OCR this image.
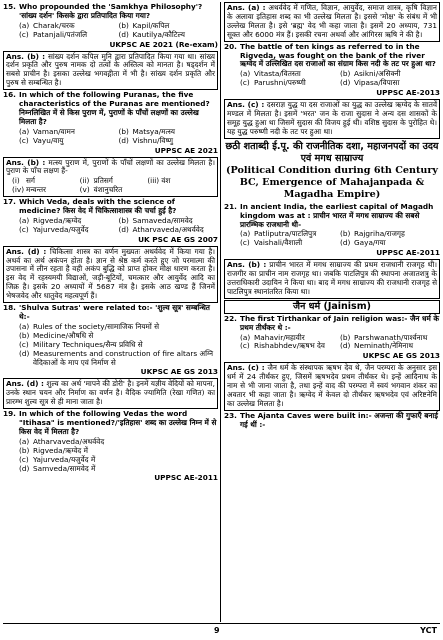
15. Who propounded the 'Samkhya Philosophy'? 'सांख्य दर्शन' किसके द्वारा प्रतिपादित किया गया?
(a) Charak/चरक	(b) Kapil/कपिल
(c) Patanjali/पतंजलि	(d) Kautilya/कौटिल्य
UKPSC AE 2021 (Re-exam)
Ans. (b) : सांख्य दर्शन कपिल मुनि द्वारा प्रतिपादित किया गया था। सांख्य दर्शन प्रकृति और पुरुष नामक दो तत्वों के अस्तित्व को मानता है। षड्दर्शन में सबसे प्राचीन है। इसका उल्लेख भगवद्गीता में भी है। सांख्य दर्शन प्रकृति और पुरुष से सम्बन्धित है।
16. In which of the following Puranas, the five characteristics of the Puranas are mentioned? निम्नलिखित में से किस पुराण में, पुराणों के पाँचों लक्षणों का उल्लेख मिलता है?
(a) Vaman/वामन	(b) Matsya/मत्स्य
(c) Vayu/वायु	(d) Vishnu/विष्णु
UPPSC AE 2021
Ans. (b) : मत्स्य पुराण में, पुराणों के पाँचों लक्षणों का उल्लेख मिलता है। पुराण के पाँच लक्षण हैं-
(i) सर्ग	(ii) प्रतिसर्ग	(iii) वंश
(iv) मन्वन्तर	(v) वंशानुचरित
17. Which Veda, deals with the science of medicine? किस वेद में चिकित्साशास्त्र की चर्चा हुई है?
(a) Rigveda/ऋग्वेद	(b) Samaveda/सामवेद
(c) Yajurveda/यजुर्वेद	(d) Atharvaveda/अथर्ववेद
UK PSC AE GS 2007
Ans. (d) : चिकित्सा शास्त्र का वर्णन मुख्यतः अथर्ववेद में किया गया है। अथर्व का अर्थ अकंपन होता है। ज्ञान से श्रेष्ठ कर्म करते हुए जो परमात्मा की उपासना में लीन रहता है वही अकंप बुद्धि को प्राप्त होकर मोक्ष धारण करता है। इस वेद में रहस्यमयी विद्याओं, जड़ी-बूटियों, चमत्कार और आयुर्वेद आदि का जिक्र है। इसके 20 अध्यायों में 5687 मंत्र है। इसके आठ खण्ड हैं जिनमें भेषजवेद और धातुवेद महत्वपूर्ण हैं।
18. 'Shulva Sutras' were related to:- 'शुल्व सूत्र' सम्बन्धित थे:-
(a) Rules of the society/सामाजिक नियमों से
(b) Medicine/औषधि से
(c) Military Techniques/सैन्य प्रविधि से
(d) Measurements and construction of fire altars अग्नि वेदिकाओं के माप एवं निर्माण से
UKPSC AE GS 2013
Ans. (d) : शुल्व का अर्थ 'मापने की डोरी' है। इनमें यज्ञीय वेदियों को मापना, उनके स्थान चयन और निर्माण का वर्णन है। वैदिक ज्यामिति (रेखा गणित) का प्रारम्भ शुल्व सूत्र से ही माना जाता है।
19. In which of the following Vedas the word "Itihasa" is mentioned?/'इतिहास' शब्द का उल्लेख निम्न में से किस वेद में मिलता है?
(a) Atharvaveda/अथर्ववेद
(b) Rigveda/ऋग्वेद में
(c) Yajurveda/यजुर्वेद में
(d) Samveda/सामवेद में
UPPSC AE-2011
Ans. (a) : अथर्ववेद में गणित, विज्ञान, आयुर्वेद, समाज शास्त्र, कृषि विज्ञान के अलावा इतिहास शब्द का भी उल्लेख मिलता है। इससे 'मोक्ष' के संबंध में भी उल्लेख मिलता है। इसे 'ब्रह्म' वेद भी कहा जाता है। इसमें 20 अध्याय, 731 सूक्त और 6000 मंत्र हैं। इसकी रचना अथर्वा और आंगिरस ऋषि ने की है।
20. The battle of ten kings as referred to in the Rigveda, was fought on the bank of the river ऋग्वेद में उल्लिखित दस राजाओं का संग्राम किस नदी के तट पर हुआ था?
(a) Vitasta/वितस्ता	(b) Asikni/असिक्नी
(c) Parushni/परुष्णी	(d) Vipasa/विपासा
UPPSC AE-2013
Ans. (c) : दसराज्ञ युद्ध या दस राजाओं का युद्ध का उल्लेख ऋग्वेद के सातवें मण्डल में मिलता है। इसमें 'भरत' जन के राजा सुदास ने अन्य दस शासकों के समूह युद्ध हुआ था जिसमें सुदास की विजय हुई थी। वशिष्ठ सुदास के पुरोहित थे। यह युद्ध परुष्णी नदी के तट पर हुआ था।
छठी शताब्दी ई.पू. की राजनीतिक दशा, महाजनपदों का उदय एवं मगध साम्राज्य
(Political Condition during 6th Century BC, Emergence of Mahajanpada & Magadha Empire)
21. In ancient India, the earliest capital of Magadh kingdom was at : प्राचीन भारत में मगध साम्राज्य की सबसे प्रारम्भिक राजधानी थी-
(a) Patliputra/पाटलिपुत्र	(b) Rajgriha/राजगृह
(c) Vaishali/वैशाली	(d) Gaya/गया
UPPSC AE-2011
Ans. (b) : प्राचीन भारत में मगध साम्राज्य की प्रथम राजधानी राजगृह थी। राजगीर का प्राचीन नाम राजगृह था। जबकि पाटलिपुत्र की स्थापना अजातशत्रु के उत्तराधिकारी उदायिन ने किया था। बाद में मगध साम्राज्य की राजधानी राजगृह से पाटलिपुत्र स्थानांतरित किया था।
जैन धर्म (Jainism)
22. The first Tirthankar of Jain religion was:- जैन धर्म के प्रथम तीर्थंकर थे :-
(a) Mahavir/महावीर	(b) Parshwanath/पार्श्वनाथ
(c) Rishabhdev/ऋषभ देव (d) Neminath/नेमिनाथ
UKPSC AE GS 2013
Ans. (c) : जैन धर्म के संस्थापक ऋषभ देव थे, जैन परम्परा के अनुसार इस धर्म में 24 तीर्थंकर हुए, जिसमें ऋषभदेव प्रथम तीर्थंकर थे। इन्हें आदिनाथ के नाम से भी जाना जाता है, तथा इन्हें वाद की परम्परा में स्वयं भगवान शंकर का अवतार भी कहा जाता है। ऋग्वेद में केवल दो तीर्थंकर ऋषभदेव एवं अरिष्टनेमि का उल्लेख मिलता है।
23. The Ajanta Caves were built in:- अजन्ता की गुफाएँ बनाई गई थीं :-
9	YCT
